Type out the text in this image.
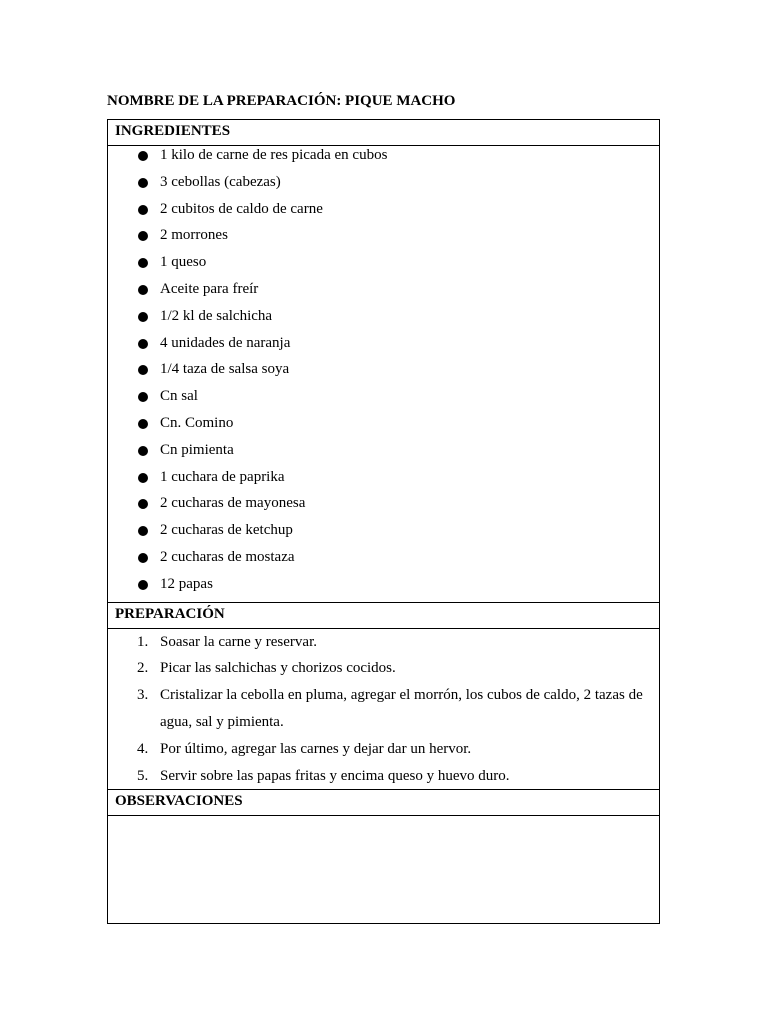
NOMBRE DE LA PREPARACIÓN: PIQUE MACHO
INGREDIENTES
1 kilo de carne de res picada en cubos
3 cebollas (cabezas)
2 cubitos de caldo de carne
2 morrones
1 queso
Aceite para freír
1/2 kl de salchicha
4 unidades de naranja
1/4 taza de salsa soya
Cn sal
Cn. Comino
Cn pimienta
1 cuchara de paprika
2 cucharas de mayonesa
2 cucharas de ketchup
2 cucharas de mostaza
12 papas
PREPARACIÓN
1. Soasar la carne y reservar.
2. Picar las salchichas y chorizos cocidos.
3. Cristalizar la cebolla en pluma, agregar el morrón, los cubos de caldo, 2 tazas de agua, sal y pimienta.
4. Por último, agregar las carnes y dejar dar un hervor.
5. Servir sobre las papas fritas y encima queso y huevo duro.
OBSERVACIONES
